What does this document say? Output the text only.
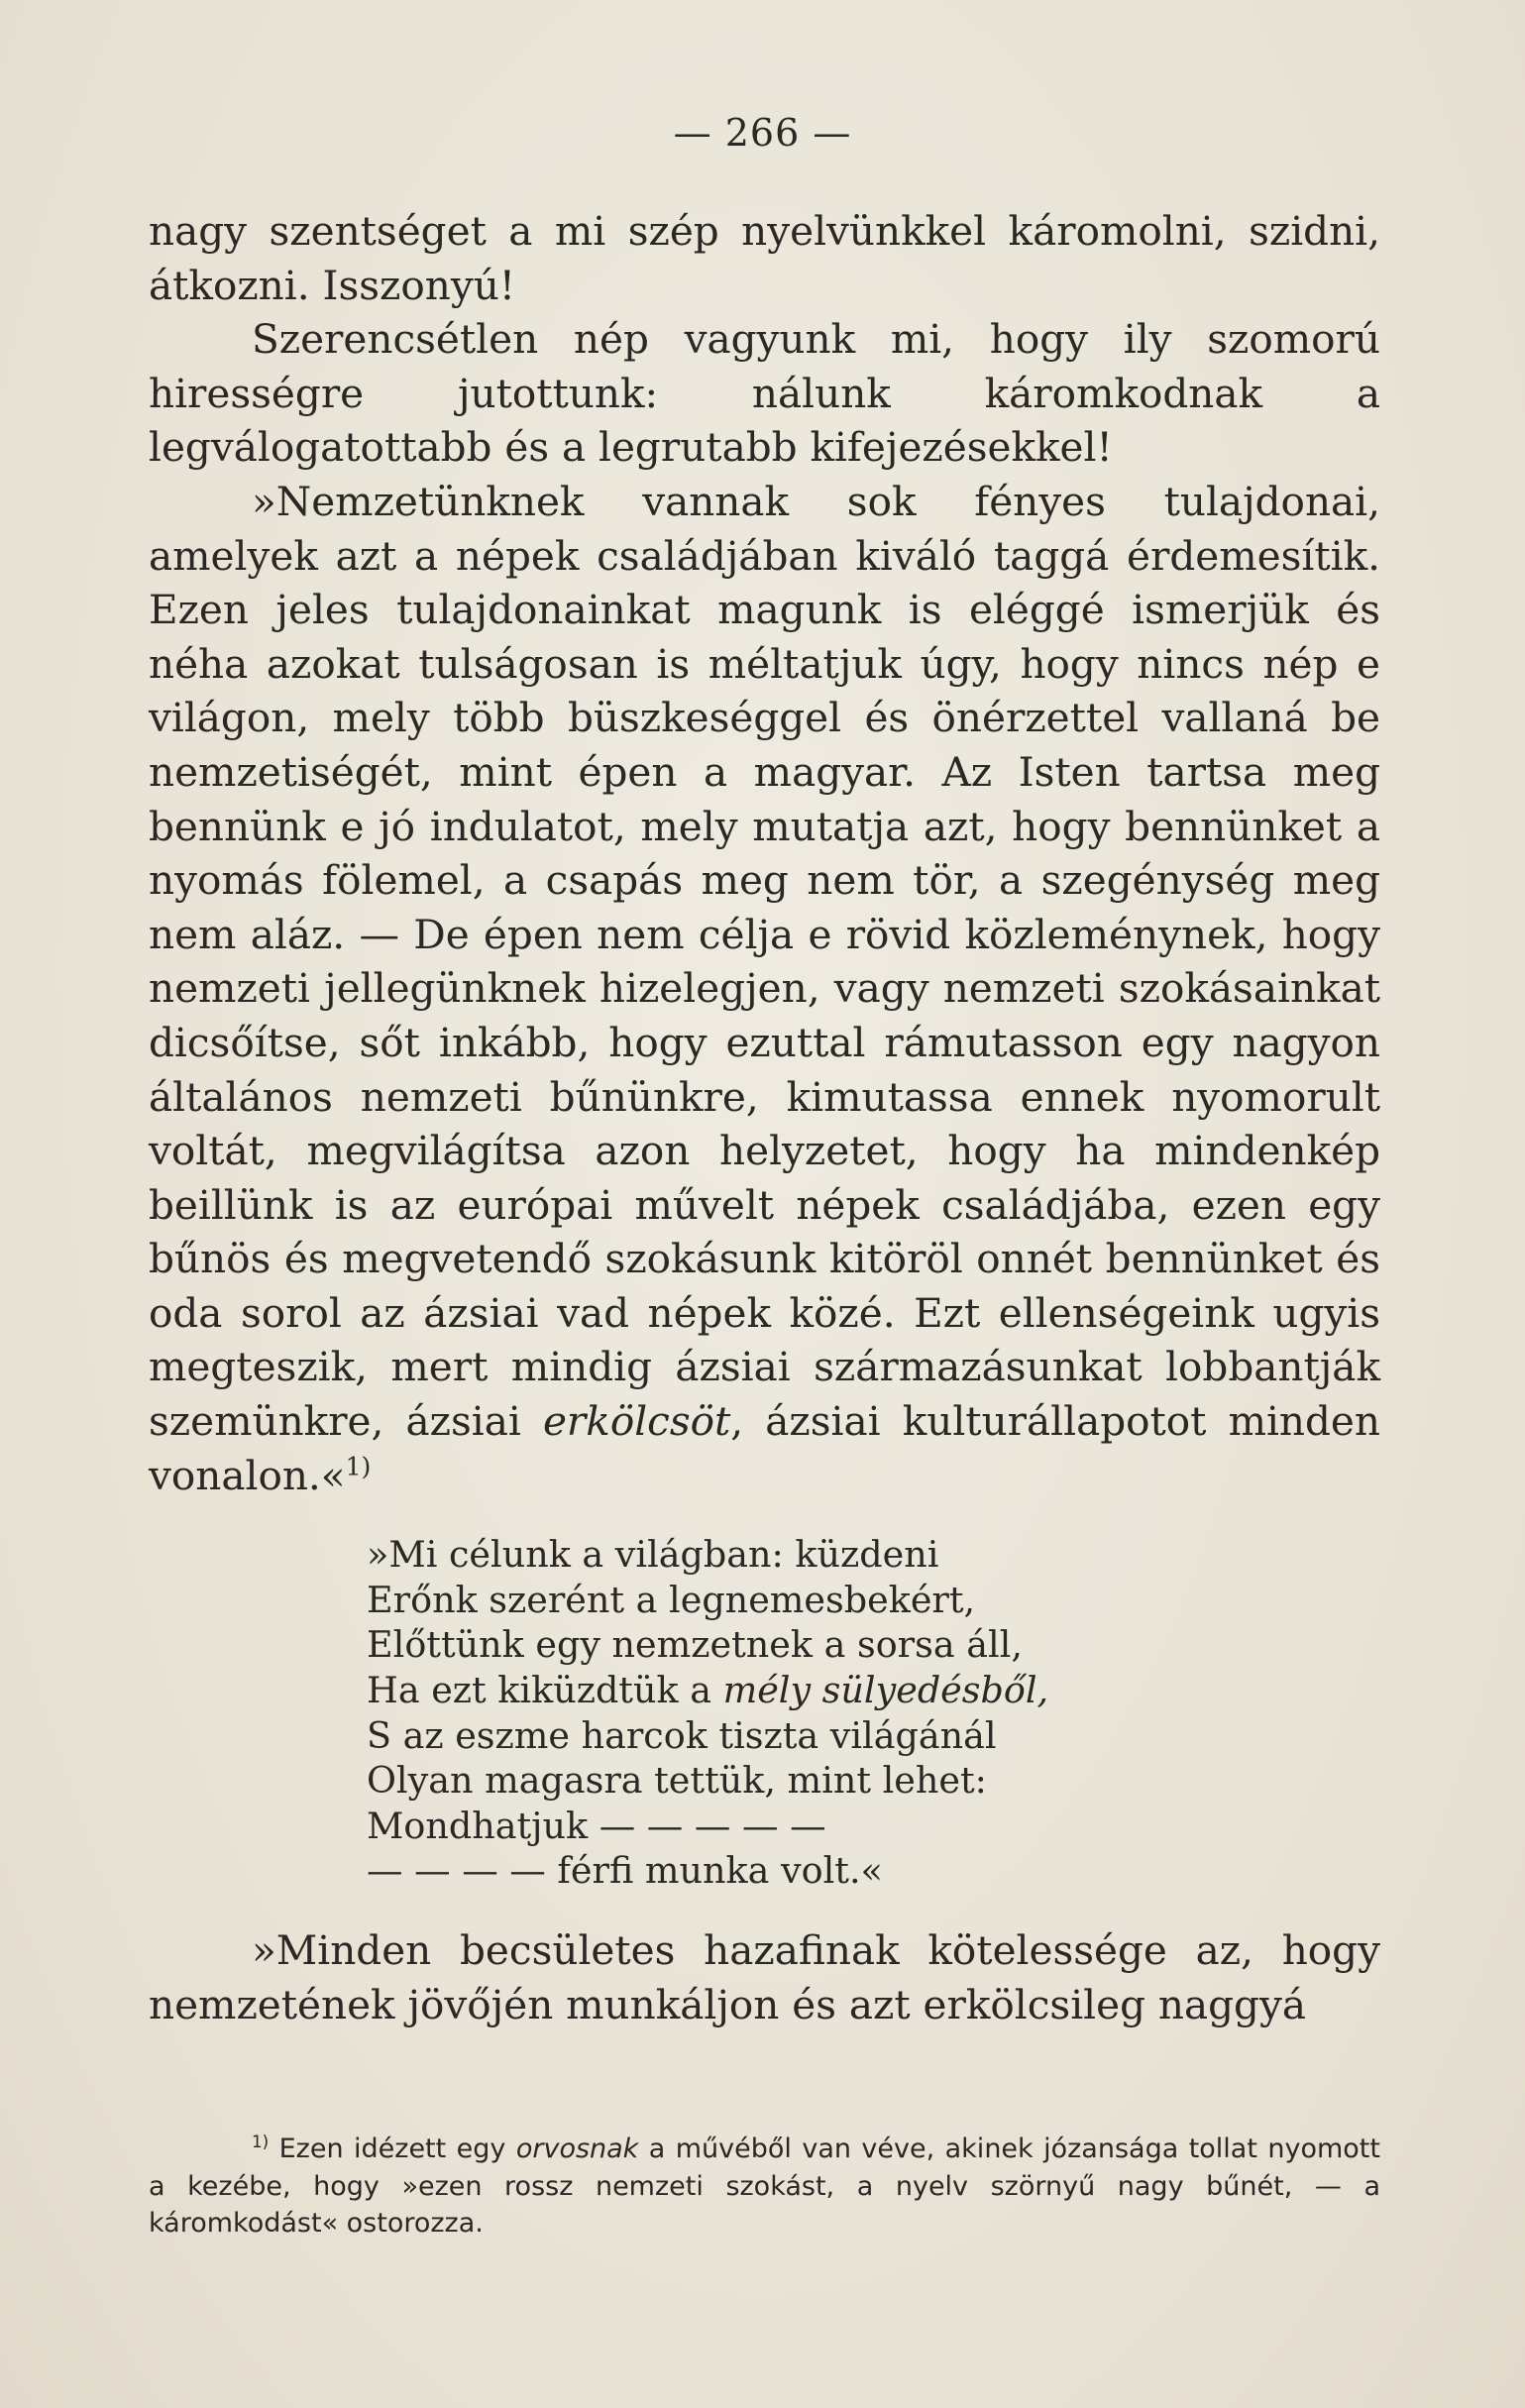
— 266 —

nagy szentséget a mi szép nyelvünkkel káromolni, szidni, átkozni. Isszonyú!

Szerencsétlen nép vagyunk mi, hogy ily szomorú hirességre jutottunk: nálunk káromkodnak a legválogatottabb és a legrutabb kifejezésekkel!

»Nemzetünknek vannak sok fényes tulajdonai, amelyek azt a népek családjában kiváló taggá érdemesítik. Ezen jeles tulajdonainkat magunk is eléggé ismerjük és néha azokat tulságosan is méltatjuk úgy, hogy nincs nép e világon, mely több büszkeséggel és önérzettel vallaná be nemzetiségét, mint épen a magyar. Az Isten tartsa meg bennünk e jó indulatot, mely mutatja azt, hogy bennünket a nyomás fölemel, a csapás meg nem tör, a szegénység meg nem aláz. — De épen nem célja e rövid közleménynek, hogy nemzeti jellegünknek hizelegjen, vagy nemzeti szokásainkat dicsőítse, sőt inkább, hogy ezuttal rámutasson egy nagyon általános nemzeti bűnünkre, kimutassa ennek nyomorult voltát, megvilágítsa azon helyzetet, hogy ha mindenkép beillünk is az európai művelt népek családjába, ezen egy bűnös és megvetendő szokásunk kitöröl onnét bennünket és oda sorol az ázsiai vad népek közé. Ezt ellenségeink ugyis megteszik, mert mindig ázsiai származásunkat lobbantják szemünkre, ázsiai erkölcsöt, ázsiai kulturállapotot minden vonalon.«$^{1)}$

»Mi célunk a világban: küzdeni
Erőnk szerént a legnemesbekért,
Előttünk egy nemzetnek a sorsa áll,
Ha ezt kiküzdtük a mély sülyedésből,
S az eszme harcok tiszta világánál
Olyan magasra tettük, mint lehet:
Mondhatjuk — — — — —
— — — — férfi munka volt.«

»Minden becsületes hazafinak kötelessége az, hogy nemzetének jövőjén munkáljon és azt erkölcsileg naggyá

$^{1)}$ Ezen idézett egy orvosnak a művéből van véve, akinek józansága tollat nyomott a kezébe, hogy »ezen rossz nemzeti szokást, a nyelv szörnyű nagy bűnét, — a káromkodást« ostorozza.
